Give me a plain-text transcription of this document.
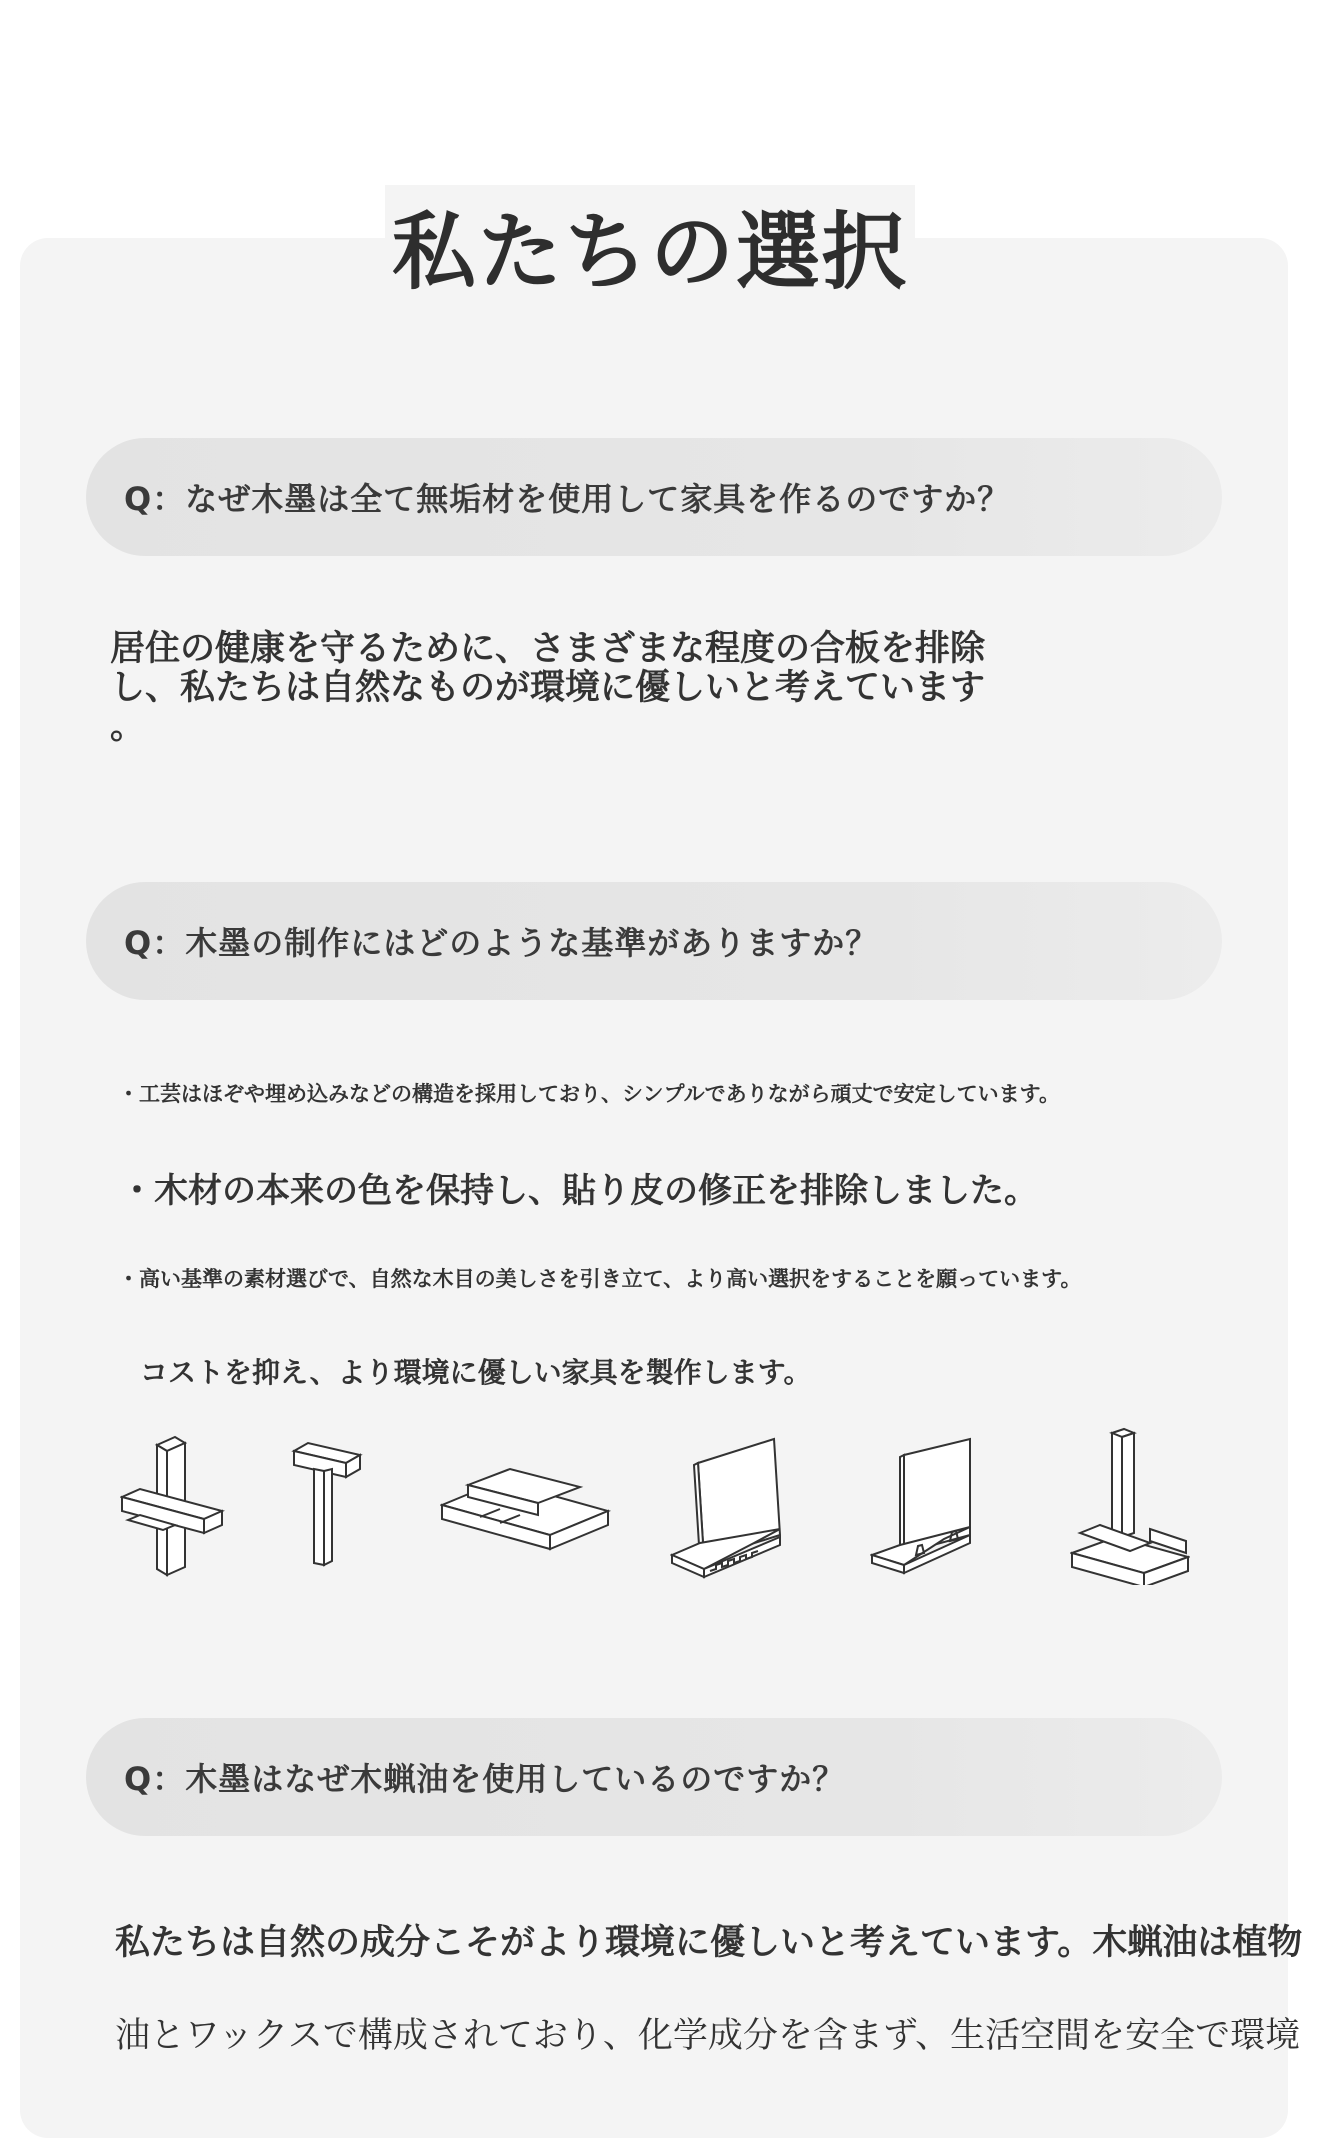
私たちの選択
Q：なぜ木墨は全て無垢材を使用して家具を作るのですか？
居住の健康を守るために、さまざまな程度の合板を排除
し、私たちは自然なものが環境に優しいと考えています
。
Q：木墨の制作にはどのような基準がありますか？
・工芸はほぞや埋め込みなどの構造を採用しており、シンプルでありながら頑丈で安定しています。
・木材の本来の色を保持し、貼り皮の修正を排除しました。
・高い基準の素材選びで、自然な木目の美しさを引き立て、より高い選択をすることを願っています。
コストを抑え、より環境に優しい家具を製作します。
Q：木墨はなぜ木蝋油を使用しているのですか？
私たちは自然の成分こそがより環境に優しいと考えています。木蝋油は植物
油とワックスで構成されており、化学成分を含まず、生活空間を安全で環境
